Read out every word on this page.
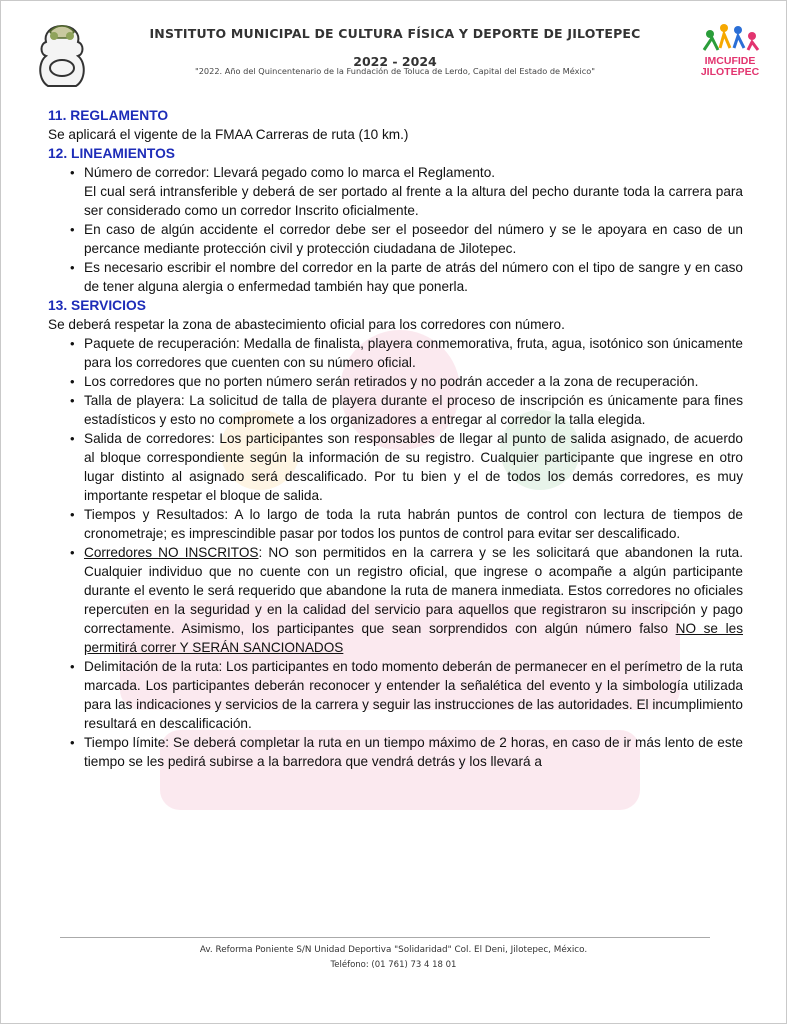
INSTITUTO MUNICIPAL DE CULTURA FÍSICA Y DEPORTE DE JILOTEPEC
2022 - 2024
"2022. Año del Quincentenario de la Fundación de Toluca de Lerdo, Capital del Estado de México"
IMCUFIDE
JILOTEPEC

11. REGLAMENTO

Se aplicará el vigente de la FMAA Carreras de ruta (10 km.)

12. LINEAMIENTOS

• Número de corredor: Llevará pegado como lo marca el Reglamento.
El cual será intransferible y deberá de ser portado al frente a la altura del pecho durante toda la carrera para ser considerado como un corredor Inscrito oficialmente.
• En caso de algún accidente el corredor debe ser el poseedor del número y se le apoyara en caso de un percance mediante protección civil y protección ciudadana de Jilotepec.
• Es necesario escribir el nombre del corredor en la parte de atrás del número con el tipo de sangre y en caso de tener alguna alergia o enfermedad también hay que ponerla.

13. SERVICIOS

Se deberá respetar la zona de abastecimiento oficial para los corredores con número.

• Paquete de recuperación: Medalla de finalista, playera conmemorativa, fruta, agua, isotónico son únicamente para los corredores que cuenten con su número oficial.
• Los corredores que no porten número serán retirados y no podrán acceder a la zona de recuperación.
• Talla de playera: La solicitud de talla de playera durante el proceso de inscripción es únicamente para fines estadísticos y esto no compromete a los organizadores a entregar al corredor la talla elegida.
• Salida de corredores: Los participantes son responsables de llegar al punto de salida asignado, de acuerdo al bloque correspondiente según la información de su registro. Cualquier participante que ingrese en otro lugar distinto al asignado será descalificado. Por tu bien y el de todos los demás corredores, es muy importante respetar el bloque de salida.
• Tiempos y Resultados: A lo largo de toda la ruta habrán puntos de control con lectura de tiempos de cronometraje; es imprescindible pasar por todos los puntos de control para evitar ser descalificado.
• Corredores NO INSCRITOS: NO son permitidos en la carrera y se les solicitará que abandonen la ruta. Cualquier individuo que no cuente con un registro oficial, que ingrese o acompañe a algún participante durante el evento le será requerido que abandone la ruta de manera inmediata. Estos corredores no oficiales repercuten en la seguridad y en la calidad del servicio para aquellos que registraron su inscripción y pago correctamente. Asimismo, los participantes que sean sorprendidos con algún número falso NO se les permitirá correr Y SERÁN SANCIONADOS
• Delimitación de la ruta: Los participantes en todo momento deberán de permanecer en el perímetro de la ruta marcada. Los participantes deberán reconocer y entender la señalética del evento y la simbología utilizada para las indicaciones y servicios de la carrera y seguir las instrucciones de las autoridades. El incumplimiento resultará en descalificación.
• Tiempo límite: Se deberá completar la ruta en un tiempo máximo de 2 horas, en caso de ir más lento de este tiempo se les pedirá subirse a la barredora que vendrá detrás y los llevará a
Av. Reforma Poniente S/N Unidad Deportiva "Solidaridad" Col. El Deni, Jilotepec, México.
Teléfono: (01 761) 73 4 18 01
